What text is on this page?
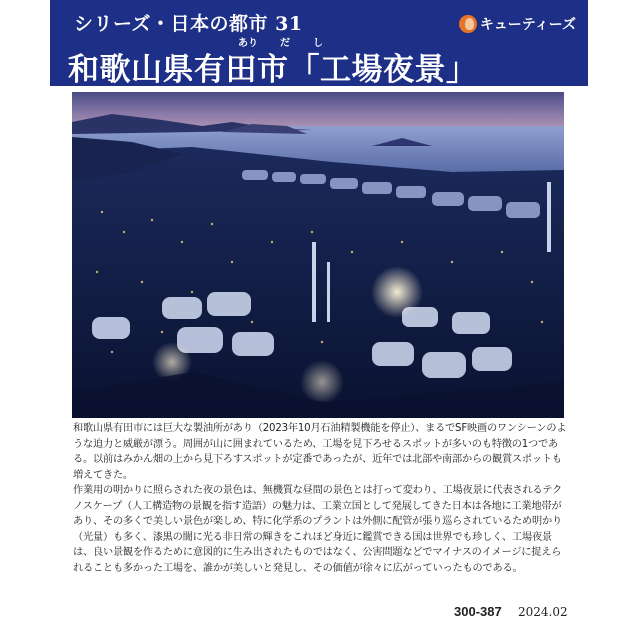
シリーズ・日本の都市 31	キューティーズ
あり だ し
和歌山県有田市「工場夜景」

和歌山県有田市には巨大な製油所があり（2023年10月石油精製機能を停止）、まるでSF映画のワンシーンのような迫力と威厳が漂う。周囲が山に囲まれているため、工場を見下ろせるスポットが多いのも特徴の1つである。以前はみかん畑の上から見下ろすスポットが定番であったが、近年では北部や南部からの観賞スポットも増えてきた。

作業用の明かりに照らされた夜の景色は、無機質な昼間の景色とは打って変わり、工場夜景に代表されるテクノスケープ（人工構造物の景観を指す造語）の魅力は、工業立国として発展してきた日本は各地に工業地帯があり、その多くで美しい景色が楽しめ、特に化学系のプラントは外側に配管が張り巡らされているため明かり（光量）も多く、漆黒の闇に光る非日常の輝きをこれほど身近に鑑賞できる国は世界でも珍しく、工場夜景は、良い景観を作るために意図的に生み出されたものではなく、公害問題などでマイナスのイメージに捉えられることも多かった工場を、誰かが美しいと発見し、その価値が徐々に広がっていったものである。

300-387 2024.02
